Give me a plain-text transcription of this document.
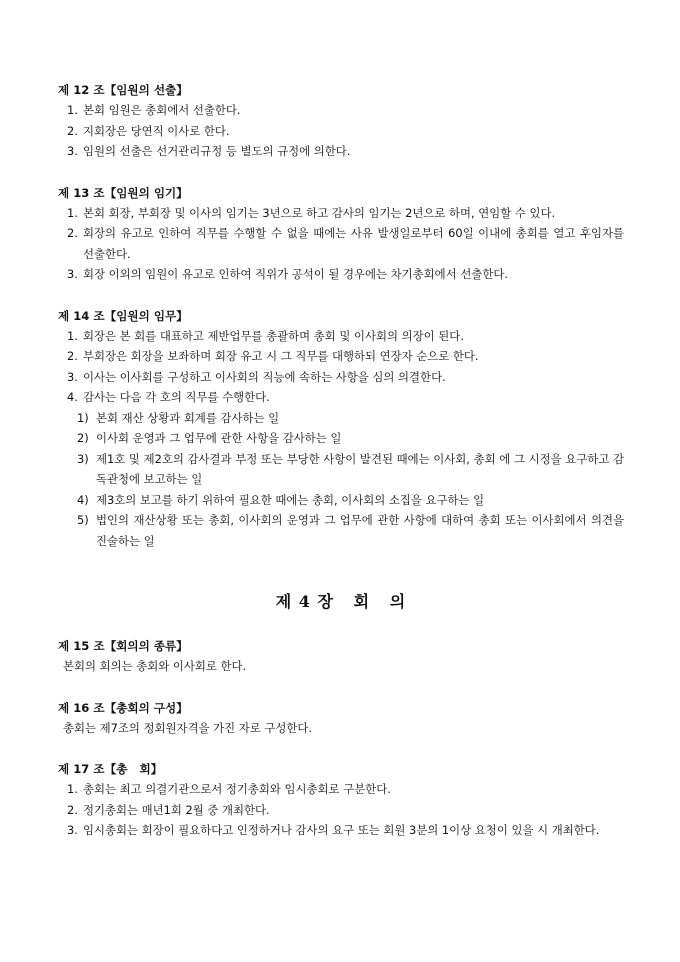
제 12 조【임원의 선출】
1. 본회 임원은 총회에서 선출한다.
2. 지회장은 당연직 이사로 한다.
3. 임원의 선출은 선거관리규정 등 별도의 규정에 의한다.
제 13 조【임원의 임기】
1. 본회 회장, 부회장 및 이사의 임기는 3년으로 하고 감사의 임기는 2년으로 하며, 연임할 수 있다.
2. 회장의 유고로 인하여 직무를 수행할 수 없을 때에는 사유 발생일로부터 60일 이내에 총회를 열고 후임자를 선출한다.
3. 회장 이외의 임원이 유고로 인하여 직위가 공석이 될 경우에는 차기총회에서 선출한다.
제 14 조【임원의 임무】
1. 회장은 본 회를 대표하고 제반업무를 총괄하며 총회 및 이사회의 의장이 된다.
2. 부회장은 회장을 보좌하며 회장 유고 시 그 직무를 대행하되 연장자 순으로 한다.
3. 이사는 이사회를 구성하고 이사회의 직능에 속하는 사항을 심의 의결한다.
4. 감사는 다음 각 호의 직무를 수행한다.
1) 본회 재산 상황과 회계를 감사하는 일
2) 이사회 운영과 그 업무에 관한 사항을 감사하는 일
3) 제1호 및 제2호의 감사결과 부정 또는 부당한 사항이 발견된 때에는 이사회, 총회 에 그 시정을 요구하고 감독관청에 보고하는 일
4) 제3호의 보고를 하기 위하여 필요한 때에는 총회, 이사회의 소집을 요구하는 일
5) 법인의 재산상황 또는 총회, 이사회의 운영과 그 업무에 관한 사항에 대하여 총회 또는 이사회에서 의견을 진술하는 일
제 4 장   회   의
제 15 조【회의의 종류】
본회의 회의는 총회와 이사회로 한다.
제 16 조【총회의 구성】
총회는 제7조의 정회원자격을 가진 자로 구성한다.
제 17 조【총   회】
1. 총회는 최고 의결기관으로서 정기총회와 임시총회로 구분한다.
2. 정기총회는 매년1회 2월 중 개최한다.
3. 임시총회는 회장이 필요하다고 인정하거나 감사의 요구 또는 회원 3분의 1이상 요청이 있을 시 개최한다.
